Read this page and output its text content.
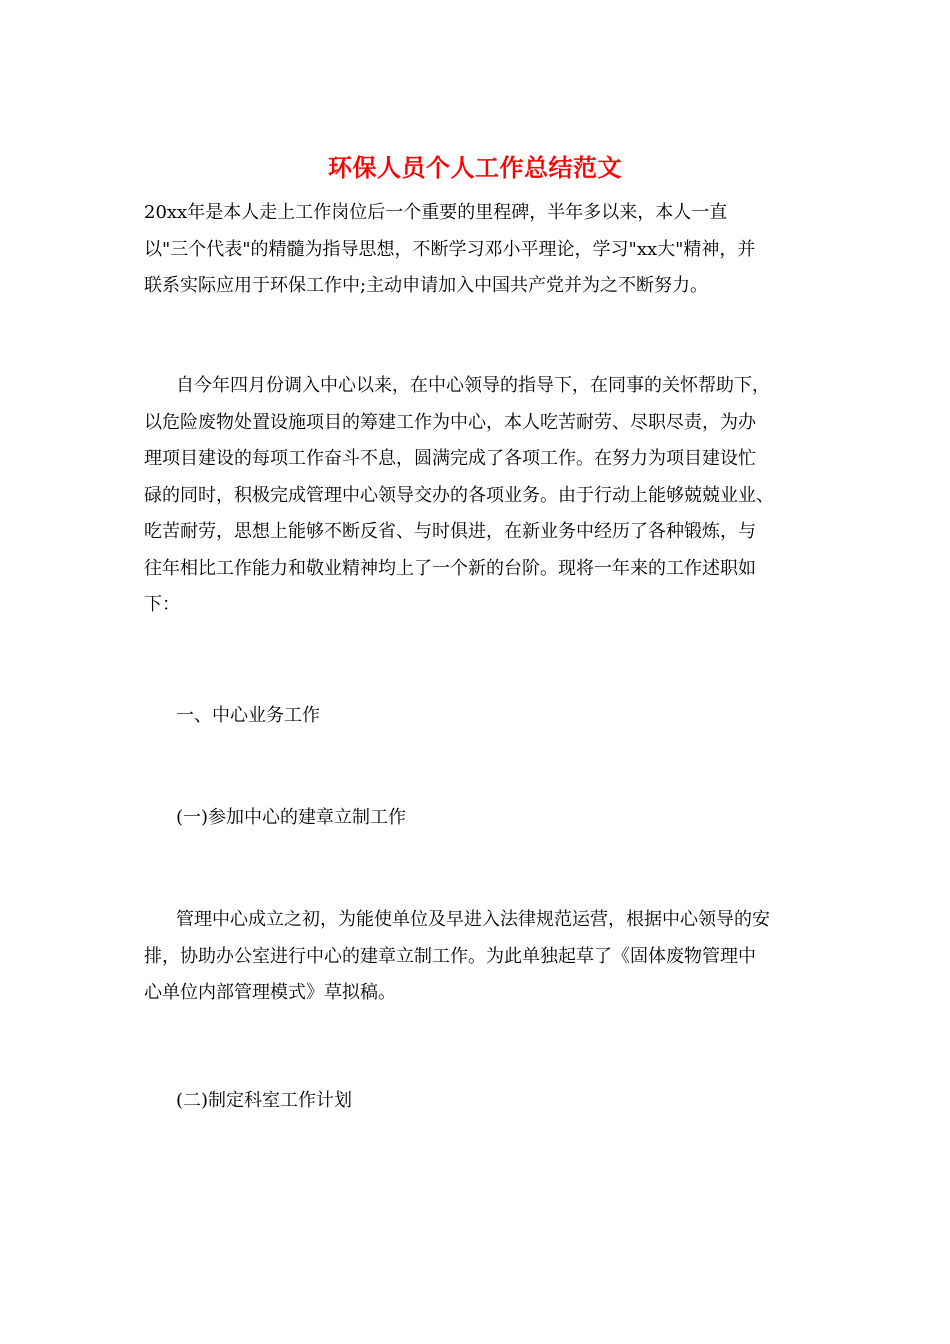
环保人员个人工作总结范文
20xx年是本人走上工作岗位后一个重要的里程碑，半年多以来，本人一直
以"三个代表"的精髓为指导思想，不断学习邓小平理论，学习"xx大"精神，并
联系实际应用于环保工作中;主动申请加入中国共产党并为之不断努力。
自今年四月份调入中心以来，在中心领导的指导下，在同事的关怀帮助下，
以危险废物处置设施项目的筹建工作为中心，本人吃苦耐劳、尽职尽责，为办
理项目建设的每项工作奋斗不息，圆满完成了各项工作。在努力为项目建设忙
碌的同时，积极完成管理中心领导交办的各项业务。由于行动上能够兢兢业业、
吃苦耐劳，思想上能够不断反省、与时俱进，在新业务中经历了各种锻炼，与
往年相比工作能力和敬业精神均上了一个新的台阶。现将一年来的工作述职如
下：
一、中心业务工作
(一)参加中心的建章立制工作
管理中心成立之初，为能使单位及早进入法律规范运营，根据中心领导的安
排，协助办公室进行中心的建章立制工作。为此单独起草了《固体废物管理中
心单位内部管理模式》草拟稿。
(二)制定科室工作计划
